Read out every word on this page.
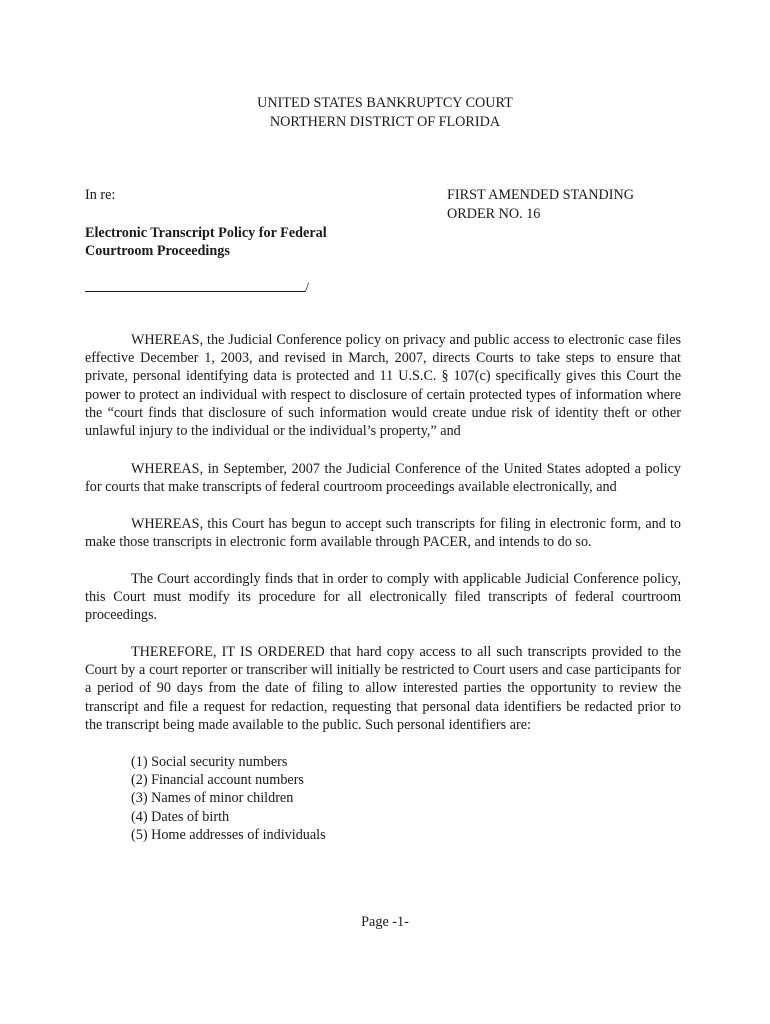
UNITED STATES BANKRUPTCY COURT
NORTHERN DISTRICT OF FLORIDA
In re:
Electronic Transcript Policy for Federal
Courtroom Proceedings
FIRST AMENDED STANDING
ORDER NO. 16
/

WHEREAS, the Judicial Conference policy on privacy and public access to electronic case files effective December 1, 2003, and revised in March, 2007, directs Courts to take steps to ensure that private, personal identifying data is protected and 11 U.S.C. § 107(c) specifically gives this Court the power to protect an individual with respect to disclosure of certain protected types of information where the “court finds that disclosure of such information would create undue risk of identity theft or other unlawful injury to the individual or the individual’s property,” and

WHEREAS, in September, 2007 the Judicial Conference of the United States adopted a policy for courts that make transcripts of federal courtroom proceedings available electronically, and

WHEREAS, this Court has begun to accept such transcripts for filing in electronic form, and to make those transcripts in electronic form available through PACER, and intends to do so.

The Court accordingly finds that in order to comply with applicable Judicial Conference policy, this Court must modify its procedure for all electronically filed transcripts of federal courtroom proceedings.

THEREFORE, IT IS ORDERED that hard copy access to all such transcripts provided to the Court by a court reporter or transcriber will initially be restricted to Court users and case participants for a period of 90 days from the date of filing to allow interested parties the opportunity to review the transcript and file a request for redaction, requesting that personal data identifiers be redacted prior to the transcript being made available to the public. Such personal identifiers are:

(1) Social security numbers
(2) Financial account numbers
(3) Names of minor children
(4) Dates of birth
(5) Home addresses of individuals
Page -1-
